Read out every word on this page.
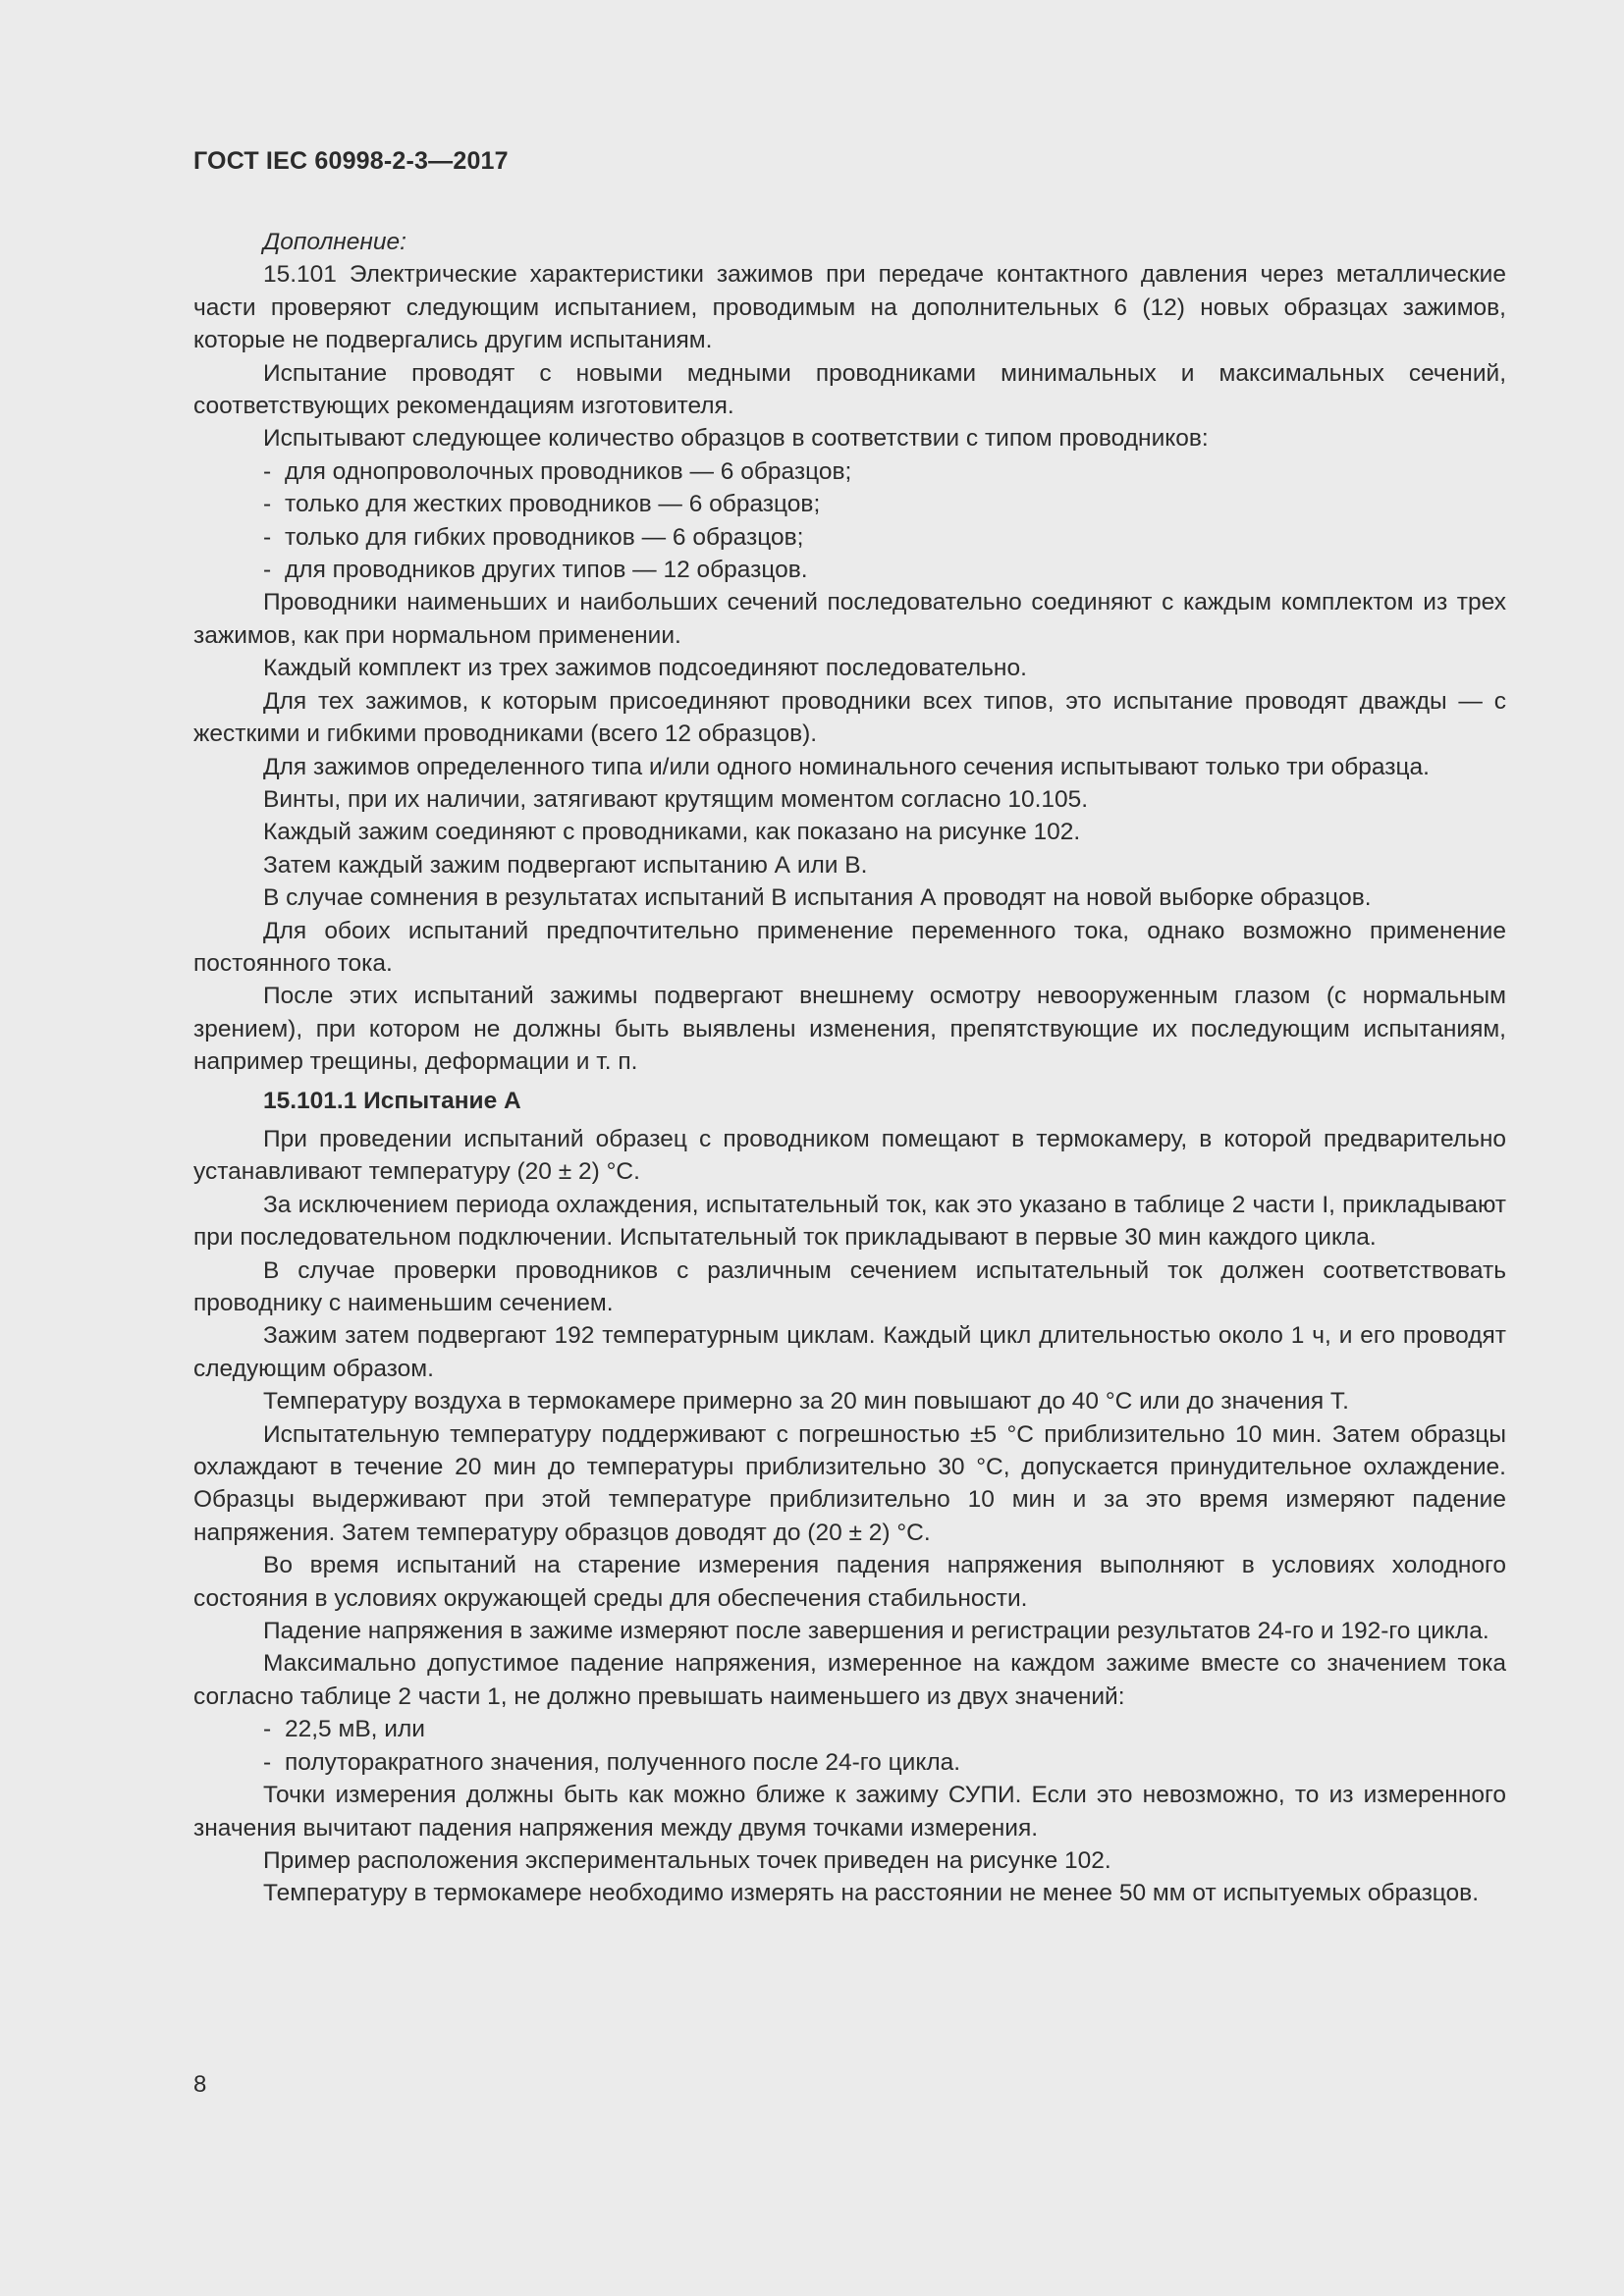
ГОСТ IEC 60998-2-3—2017

Дополнение:

15.101 Электрические характеристики зажимов при передаче контактного давления через металлические части проверяют следующим испытанием, проводимым на дополнительных 6 (12) новых образцах зажимов, которые не подвергались другим испытаниям.

Испытание проводят с новыми медными проводниками минимальных и максимальных сечений, соответствующих рекомендациям изготовителя.

Испытывают следующее количество образцов в соответствии с типом проводников:

- для однопроволочных проводников — 6 образцов;

- только для жестких проводников — 6 образцов;

- только для гибких проводников — 6 образцов;

- для проводников других типов — 12 образцов.

Проводники наименьших и наибольших сечений последовательно соединяют с каждым комплектом из трех зажимов, как при нормальном применении.

Каждый комплект из трех зажимов подсоединяют последовательно.

Для тех зажимов, к которым присоединяют проводники всех типов, это испытание проводят дважды — с жесткими и гибкими проводниками (всего 12 образцов).

Для зажимов определенного типа и/или одного номинального сечения испытывают только три образца.

Винты, при их наличии, затягивают крутящим моментом согласно 10.105.

Каждый зажим соединяют с проводниками, как показано на рисунке 102.

Затем каждый зажим подвергают испытанию А или В.

В случае сомнения в результатах испытаний В испытания А проводят на новой выборке образцов.

Для обоих испытаний предпочтительно применение переменного тока, однако возможно применение постоянного тока.

После этих испытаний зажимы подвергают внешнему осмотру невооруженным глазом (с нормальным зрением), при котором не должны быть выявлены изменения, препятствующие их последующим испытаниям, например трещины, деформации и т. п.

15.101.1 Испытание А

При проведении испытаний образец с проводником помещают в термокамеру, в которой предварительно устанавливают температуру (20 ± 2) °С.

За исключением периода охлаждения, испытательный ток, как это указано в таблице 2 части I, прикладывают при последовательном подключении. Испытательный ток прикладывают в первые 30 мин каждого цикла.

В случае проверки проводников с различным сечением испытательный ток должен соответствовать проводнику с наименьшим сечением.

Зажим затем подвергают 192 температурным циклам. Каждый цикл длительностью около 1 ч, и его проводят следующим образом.

Температуру воздуха в термокамере примерно за 20 мин повышают до 40 °С или до значения Т.

Испытательную температуру поддерживают с погрешностью ±5 °С приблизительно 10 мин. Затем образцы охлаждают в течение 20 мин до температуры приблизительно 30 °С, допускается принудительное охлаждение. Образцы выдерживают при этой температуре приблизительно 10 мин и за это время измеряют падение напряжения. Затем температуру образцов доводят до (20 ± 2) °С.

Во время испытаний на старение измерения падения напряжения выполняют в условиях холодного состояния в условиях окружающей среды для обеспечения стабильности.

Падение напряжения в зажиме измеряют после завершения и регистрации результатов 24-го и 192-го цикла.

Максимально допустимое падение напряжения, измеренное на каждом зажиме вместе со значением тока согласно таблице 2 части 1, не должно превышать наименьшего из двух значений:

- 22,5 мВ, или

- полуторакратного значения, полученного после 24-го цикла.

Точки измерения должны быть как можно ближе к зажиму СУПИ. Если это невозможно, то из измеренного значения вычитают падения напряжения между двумя точками измерения.

Пример расположения экспериментальных точек приведен на рисунке 102.

Температуру в термокамере необходимо измерять на расстоянии не менее 50 мм от испытуемых образцов.

8
